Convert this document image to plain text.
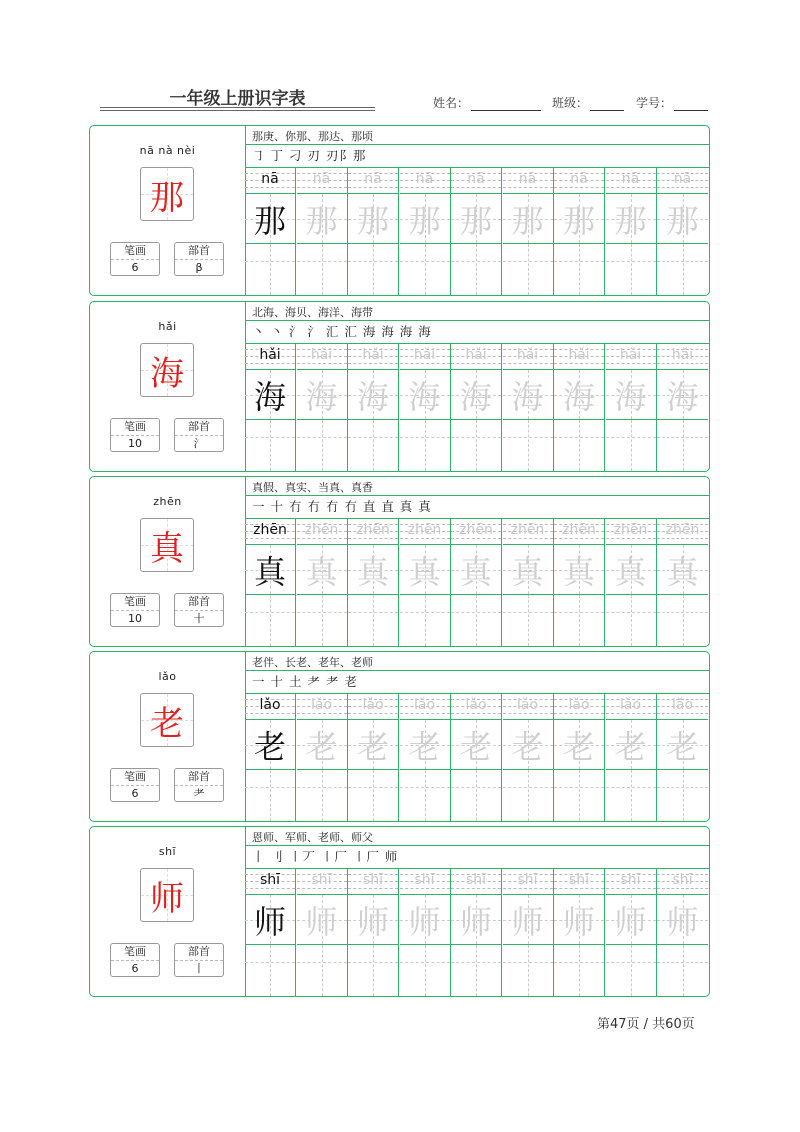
一年级上册识字表	姓名：	班级：	学号：
nā nà nèi
那
笔画
6
部首
β
那庚、你那、那达、那顷
㇆ 丁 刁 刃 刃阝那
nā
那
nā
那
nā
那
nā
那
nā
那
nā
那
nā
那
nā
那
nā
那
hǎi
海
笔画
10
部首
氵
北海、海贝、海洋、海带
丶 丶 氵 氵 汇 汇 海 海 海 海
hǎi
海
hǎi
海
hǎi
海
hǎi
海
hǎi
海
hǎi
海
hǎi
海
hǎi
海
hǎi
海
zhēn
真
笔画
10
部首
十
真假、真实、当真、真香
一 十 冇 冇 冇 冇 直 直 真 真
zhēn
真
zhēn
真
zhēn
真
zhēn
真
zhēn
真
zhēn
真
zhēn
真
zhēn
真
zhēn
真
lǎo
老
笔画
6
部首
耂
老伴、长老、老年、老师
一 十 土 耂 耂 老
lǎo
老
lǎo
老
lǎo
老
lǎo
老
lǎo
老
lǎo
老
lǎo
老
lǎo
老
lǎo
老
shī
师
笔画
6
部首
丨
恩师、军师、老师、师父
丨 刂 ㇑丆 ㇑厂 ㇑厂 师
shī
师
shī
师
shī
师
shī
师
shī
师
shī
师
shī
师
shī
师
shī
师
第47页 / 共60页
